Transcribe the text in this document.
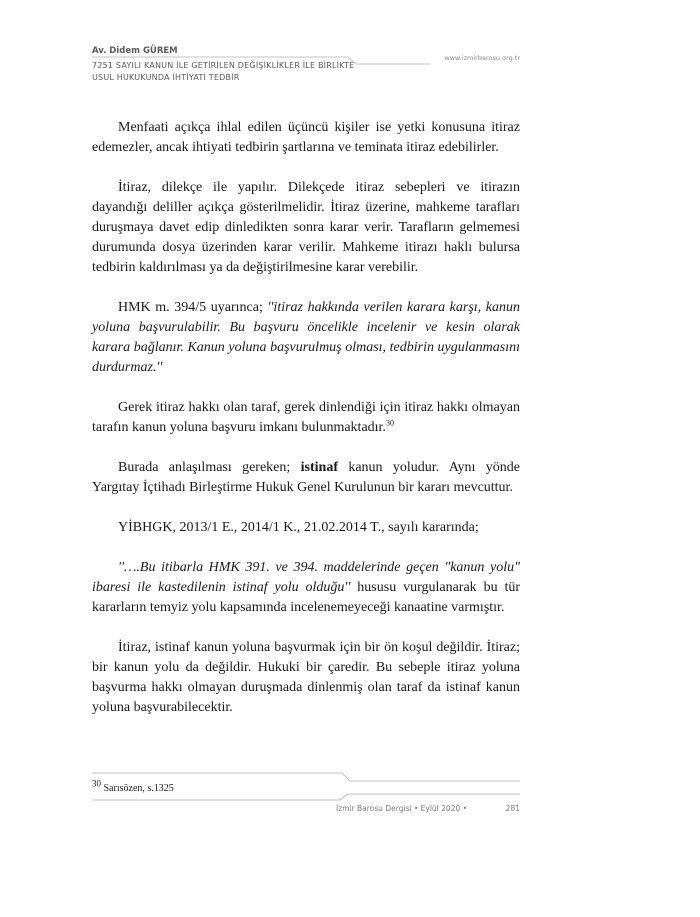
Av. Didem GÜREM
7251 SAYILI KANUN İLE GETİRİLEN DEĞİŞİKLİKLER İLE BİRLİKTE
USUL HUKUKUNDA İHTİYATİ TEDBİR
www.izmirbarosu.org.tr

Menfaati açıkça ihlal edilen üçüncü kişiler ise yetki konusuna itiraz edemezler, ancak ihtiyati tedbirin şartlarına ve teminata itiraz edebilirler.

İtiraz, dilekçe ile yapılır. Dilekçede itiraz sebepleri ve itirazın dayandığı deliller açıkça gösterilmelidir. İtiraz üzerine, mahkeme tarafları duruşmaya davet edip dinledikten sonra karar verir. Tarafların gelmemesi durumunda dosya üzerinden karar verilir. Mahkeme itirazı haklı bulursa tedbirin kaldırılması ya da değiştirilmesine karar verebilir.

HMK m. 394/5 uyarınca; ''itiraz hakkında verilen karara karşı, kanun yoluna başvurulabilir. Bu başvuru öncelikle incelenir ve kesin olarak karara bağlanır. Kanun yoluna başvurulmuş olması, tedbirin uygulanmasını durdurmaz.''

Gerek itiraz hakkı olan taraf, gerek dinlendiği için itiraz hakkı olmayan tarafın kanun yoluna başvuru imkanı bulunmaktadır.$^{30}$

Burada anlaşılması gereken; istinaf kanun yoludur. Aynı yönde Yargıtay İçtihadı Birleştirme Hukuk Genel Kurulunun bir kararı mevcuttur.

YİBHGK, 2013/1 E., 2014/1 K., 21.02.2014 T., sayılı kararında;

''….Bu itibarla HMK 391. ve 394. maddelerinde geçen "kanun yolu" ibaresi ile kastedilenin istinaf yolu olduğu'' hususu vurgulanarak bu tür kararların temyiz yolu kapsamında incelenemeyeceği kanaatine varmıştır.

İtiraz, istinaf kanun yoluna başvurmak için bir ön koşul değildir. İtiraz; bir kanun yolu da değildir. Hukuki bir çaredir. Bu sebeple itiraz yoluna başvurma hakkı olmayan duruşmada dinlenmiş olan taraf da istinaf kanun yoluna başvurabilecektir.

$^{30}$ Sarısözen, s.1325
İzmir Barosu Dergisi • Eylül 2020 •	281
